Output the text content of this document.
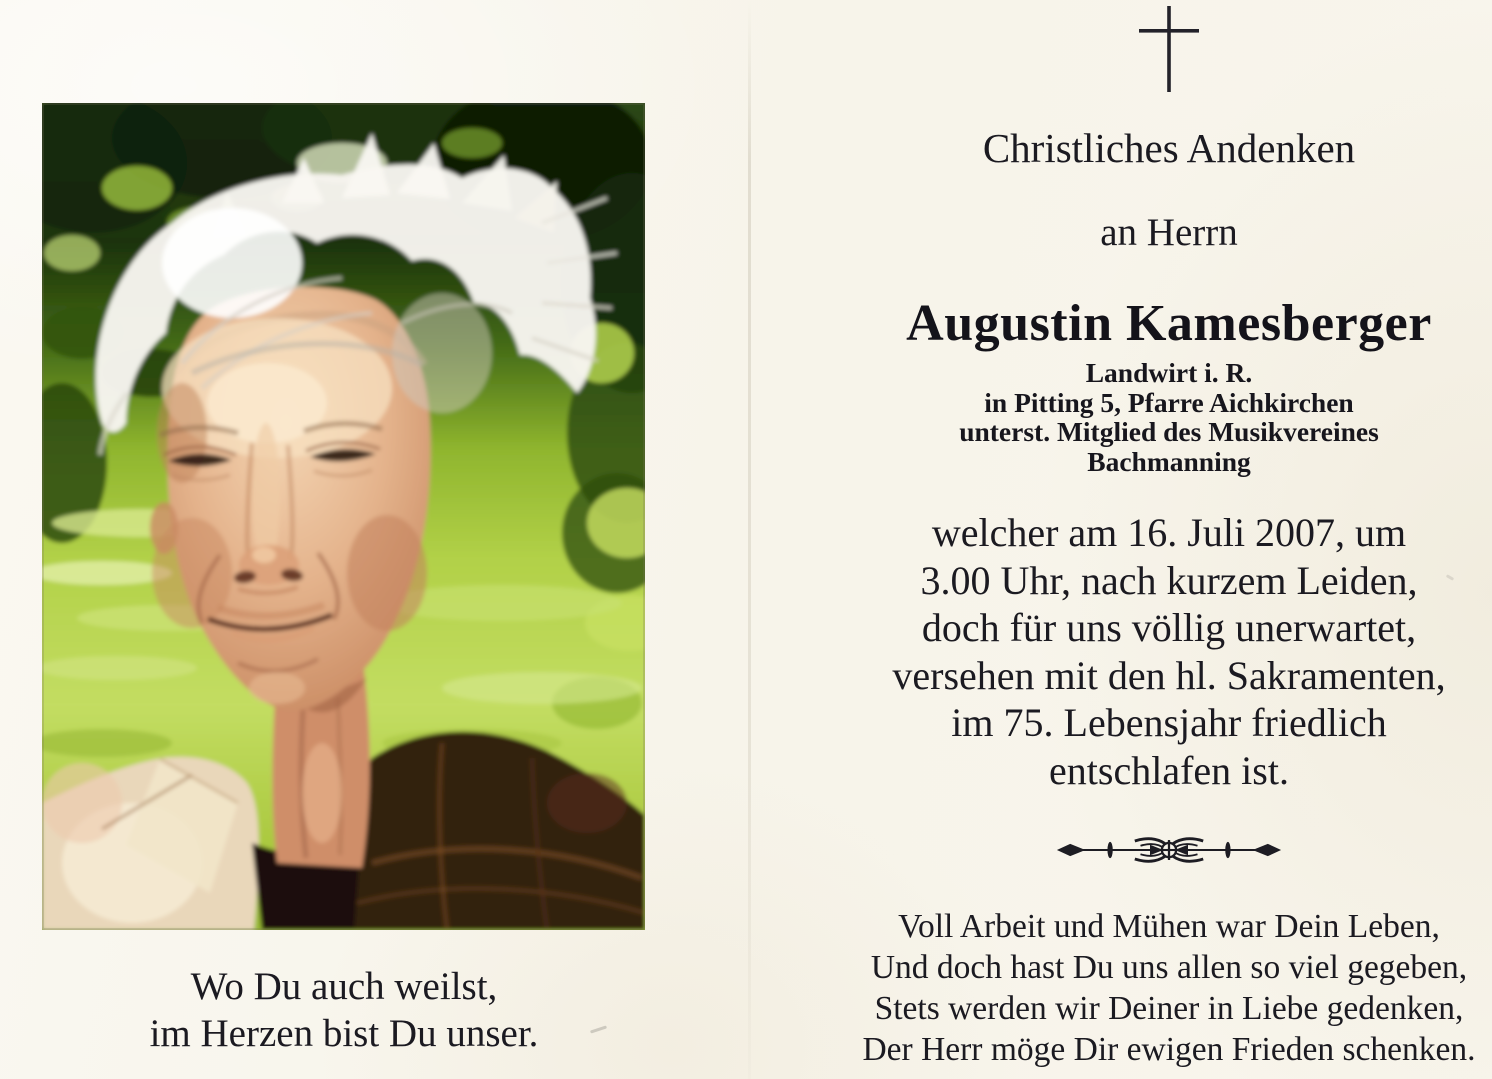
Wo Du auch weilst,
im Herzen bist Du unser.
Christliches Andenken
an Herrn
Augustin Kamesberger
Landwirt i. R.
in Pitting 5, Pfarre Aichkirchen
unterst. Mitglied des Musikvereines
Bachmanning
welcher am 16. Juli 2007, um
3.00 Uhr, nach kurzem Leiden,
doch für uns völlig unerwartet,
versehen mit den hl. Sakramenten,
im 75. Lebensjahr friedlich
entschlafen ist.
Voll Arbeit und Mühen war Dein Leben,
Und doch hast Du uns allen so viel gegeben,
Stets werden wir Deiner in Liebe gedenken,
Der Herr möge Dir ewigen Frieden schenken.
